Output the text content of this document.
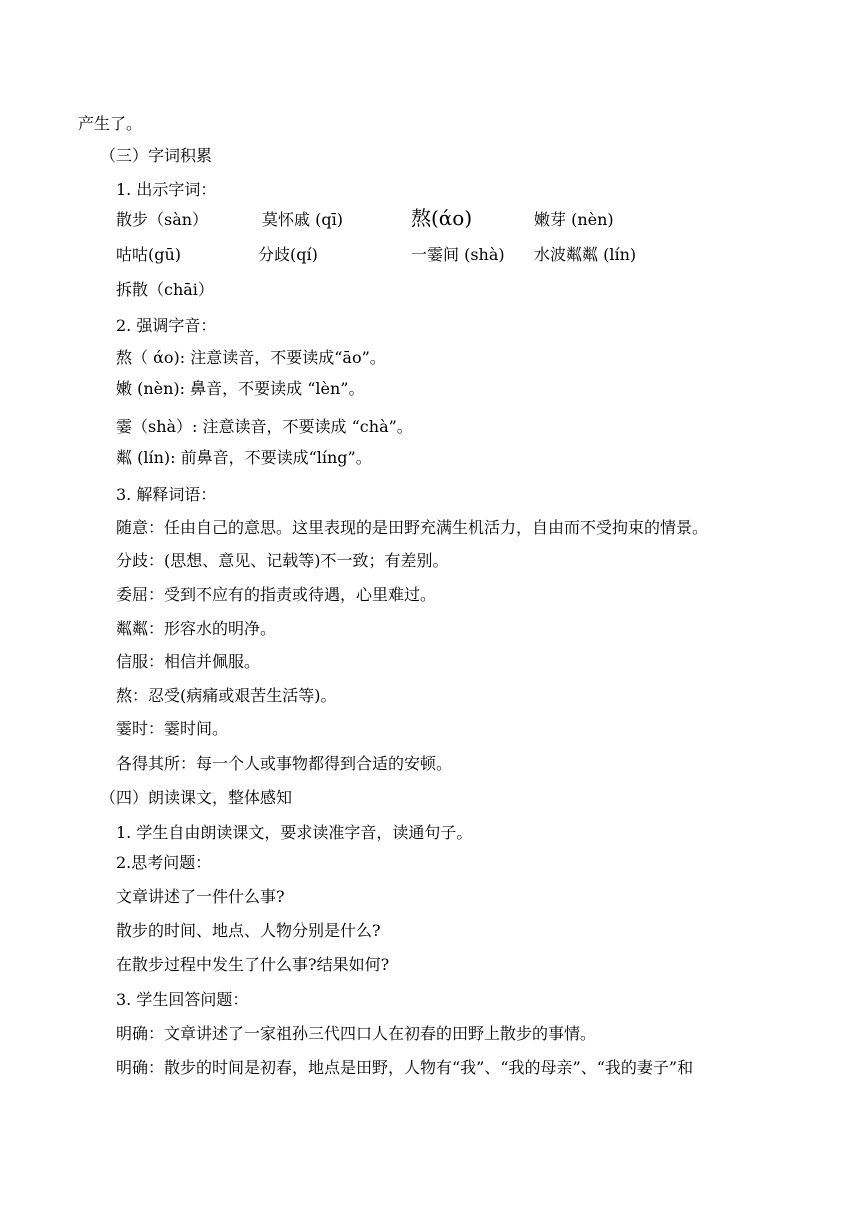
产生了。
（三）字词积累
1. 出示字词：
散步（sàn）	莫怀戚 (qī)	熬(άo)	嫩芽 (nèn)
咕咕(gū)	分歧(qí)	一霎间 (shà) 水波粼粼 (lín)
拆散（chāi）
2. 强调字音：
熬（ άo): 注意读音，不要读成“āo”。
嫩 (nèn): 鼻音，不要读成 “lèn”。
霎（shà）: 注意读音，不要读成 “chà”。
粼 (lín): 前鼻音，不要读成“líng”。
3. 解释词语：
随意：任由自己的意思。这里表现的是田野充满生机活力，自由而不受拘束的情景。
分歧：(思想、意见、记载等)不一致；有差别。
委屈：受到不应有的指责或待遇，心里难过。
粼粼：形容水的明净。
信服：相信并佩服。
熬：忍受(病痛或艰苦生活等)。
霎时：霎时间。
各得其所：每一个人或事物都得到合适的安顿。
（四）朗读课文，整体感知
1. 学生自由朗读课文，要求读准字音，读通句子。
2.思考问题：
文章讲述了一件什么事?
散步的时间、地点、人物分别是什么?
在散步过程中发生了什么事?结果如何?
3. 学生回答问题：
明确：文章讲述了一家祖孙三代四口人在初春的田野上散步的事情。
明确：散步的时间是初春，地点是田野，人物有“我”、“我的母亲”、“我的妻子”和
